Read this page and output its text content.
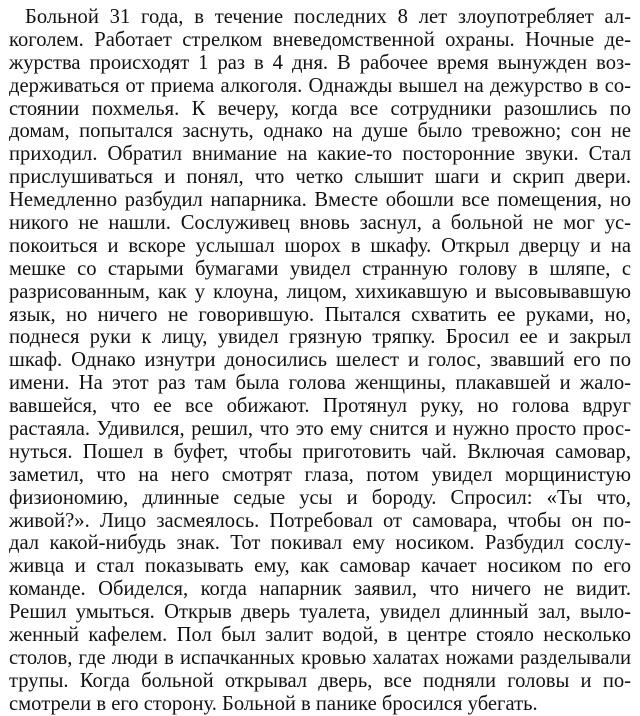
Больной 31 года, в течение последних 8 лет злоупотребляет ал-
коголем. Работает стрелком вневедомственной охраны. Ночные де-
журства происходят 1 раз в 4 дня. В рабочее время вынужден воз-
держиваться от приема алкоголя. Однажды вышел на дежурство в со-
стоянии похмелья. К вечеру, когда все сотрудники разошлись по
домам, попытался заснуть, однако на душе было тревожно; сон не
приходил. Обратил внимание на какие-то посторонние звуки. Стал
прислушиваться и понял, что четко слышит шаги и скрип двери.
Немедленно разбудил напарника. Вместе обошли все помещения, но
никого не нашли. Сослуживец вновь заснул, а больной не мог ус-
покоиться и вскоре услышал шорох в шкафу. Открыл дверцу и на
мешке со старыми бумагами увидел странную голову в шляпе, с
разрисованным, как у клоуна, лицом, хихикавшую и высовывавшую
язык, но ничего не говорившую. Пытался схватить ее руками, но,
поднеся руки к лицу, увидел грязную тряпку. Бросил ее и закрыл
шкаф. Однако изнутри доносились шелест и голос, звавший его по
имени. На этот раз там была голова женщины, плакавшей и жало-
вавшейся, что ее все обижают. Протянул руку, но голова вдруг
растаяла. Удивился, решил, что это ему снится и нужно просто прос-
нуться. Пошел в буфет, чтобы приготовить чай. Включая самовар,
заметил, что на него смотрят глаза, потом увидел морщинистую
физиономию, длинные седые усы и бороду. Спросил: «Ты что,
живой?». Лицо засмеялось. Потребовал от самовара, чтобы он по-
дал какой-нибудь знак. Тот покивал ему носиком. Разбудил сослу-
живца и стал показывать ему, как самовар качает носиком по его
команде. Обиделся, когда напарник заявил, что ничего не видит.
Решил умыться. Открыв дверь туалета, увидел длинный зал, выло-
женный кафелем. Пол был залит водой, в центре стояло несколько
столов, где люди в испачканных кровью халатах ножами разделывали
трупы. Когда больной открывал дверь, все подняли головы и по-
смотрели в его сторону. Больной в панике бросился убегать.
